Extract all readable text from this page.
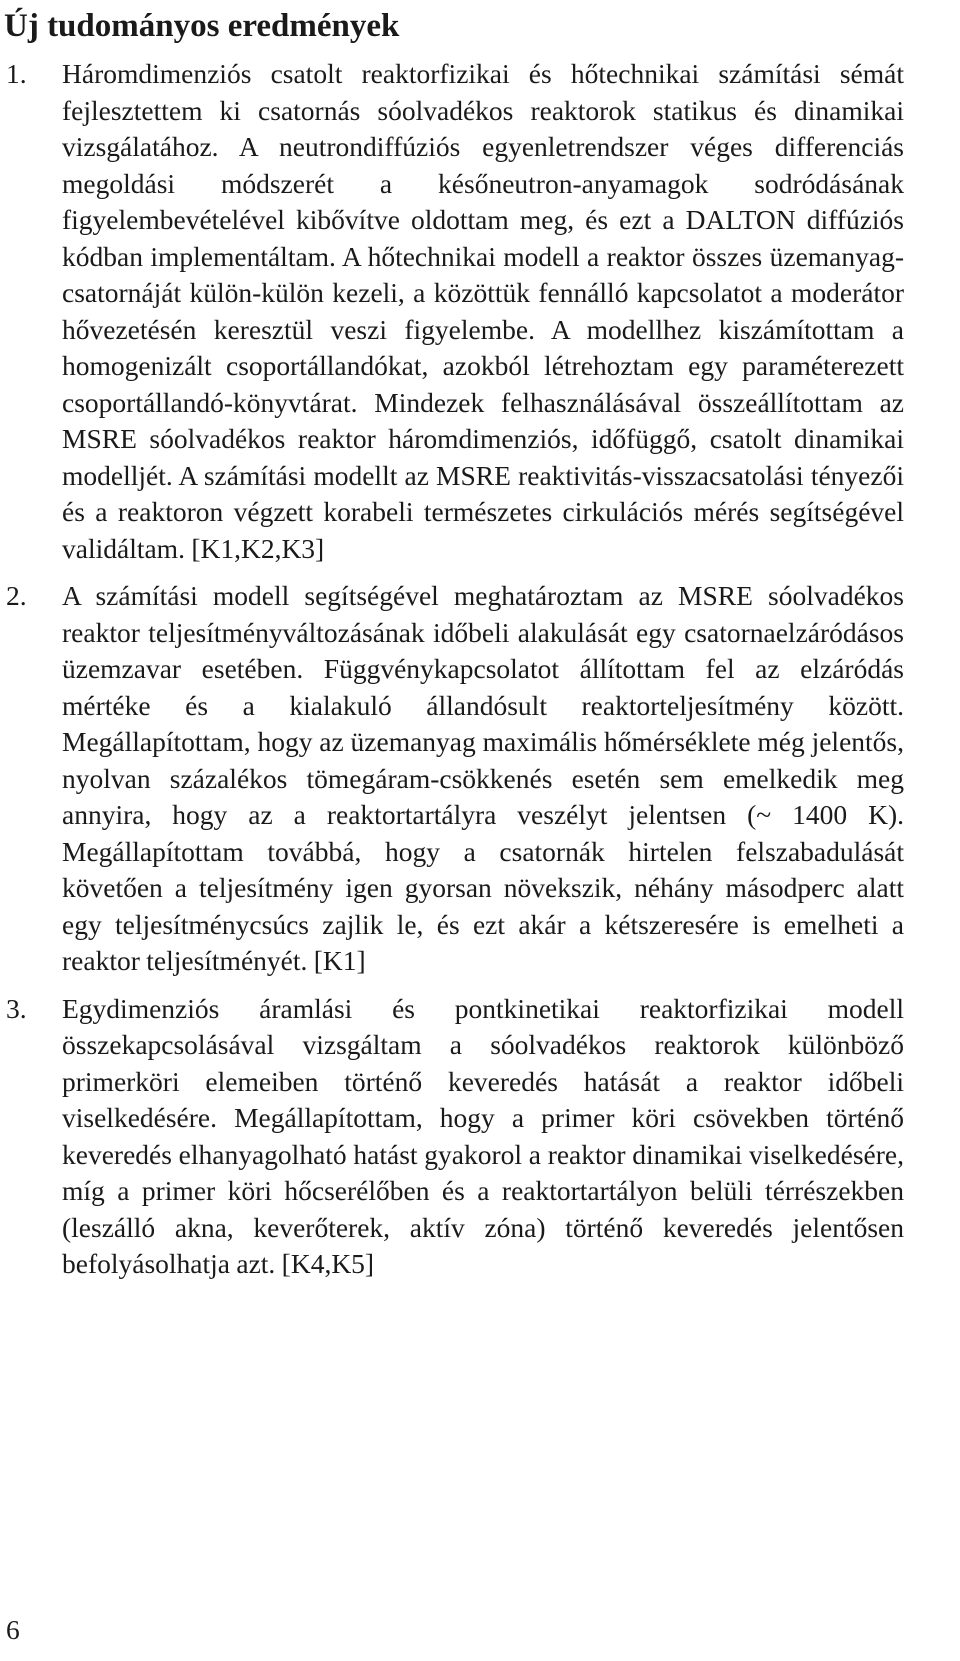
Új tudományos eredmények
1. Háromdimenziós csatolt reaktorfizikai és hőtechnikai számítási sémát fejlesztettem ki csatornás sóolvadékos reaktorok statikus és dinamikai vizsgálatához. A neutrondiffúziós egyenletrendszer véges differenciás megoldási módszerét a későneutron-anyamagok sodródásának figyelembevételével kibővítve oldottam meg, és ezt a DALTON diffúziós kódban implementáltam. A hőtechnikai modell a reaktor összes üzemanyag-csatornáját külön-külön kezeli, a közöttük fennálló kapcsolatot a moderátor hővezetésén keresztül veszi figyelembe. A modellhez kiszámítottam a homogenizált csoportállandókat, azokból létrehoztam egy paraméterezett csoportállandó-könyvtárat. Mindezek felhasználásával összeállítottam az MSRE sóolvadékos reaktor háromdimenziós, időfüggő, csatolt dinamikai modelljét. A számítási modellt az MSRE reaktivitás-visszacsatolási tényezői és a reaktoron végzett korabeli természetes cirkulációs mérés segítségével validáltam. [K1,K2,K3]

2. A számítási modell segítségével meghatároztam az MSRE sóolvadékos reaktor teljesítményváltozásának időbeli alakulását egy csatornaelzáródásos üzemzavar esetében. Függvénykapcsolatot állítottam fel az elzáródás mértéke és a kialakuló állandósult reaktorteljesítmény között. Megállapítottam, hogy az üzemanyag maximális hőmérséklete még jelentős, nyolvan százalékos tömegáram-csökkenés esetén sem emelkedik meg annyira, hogy az a reaktortartályra veszélyt jelentsen (~ 1400 K). Megállapítottam továbbá, hogy a csatornák hirtelen felszabadulását követően a teljesítmény igen gyorsan növekszik, néhány másodperc alatt egy teljesítménycsúcs zajlik le, és ezt akár a kétszeresére is emelheti a reaktor teljesítményét. [K1]

3. Egydimenziós áramlási és pontkinetikai reaktorfizikai modell összekapcsolásával vizsgáltam a sóolvadékos reaktorok különböző primerköri elemeiben történő keveredés hatását a reaktor időbeli viselkedésére. Megállapítottam, hogy a primer köri csövekben történő keveredés elhanyagolható hatást gyakorol a reaktor dinamikai viselkedésére, míg a primer köri hőcserélőben és a reaktortartályon belüli térrészekben (leszálló akna, keverőterek, aktív zóna) történő keveredés jelentősen befolyásolhatja azt. [K4,K5]

6
